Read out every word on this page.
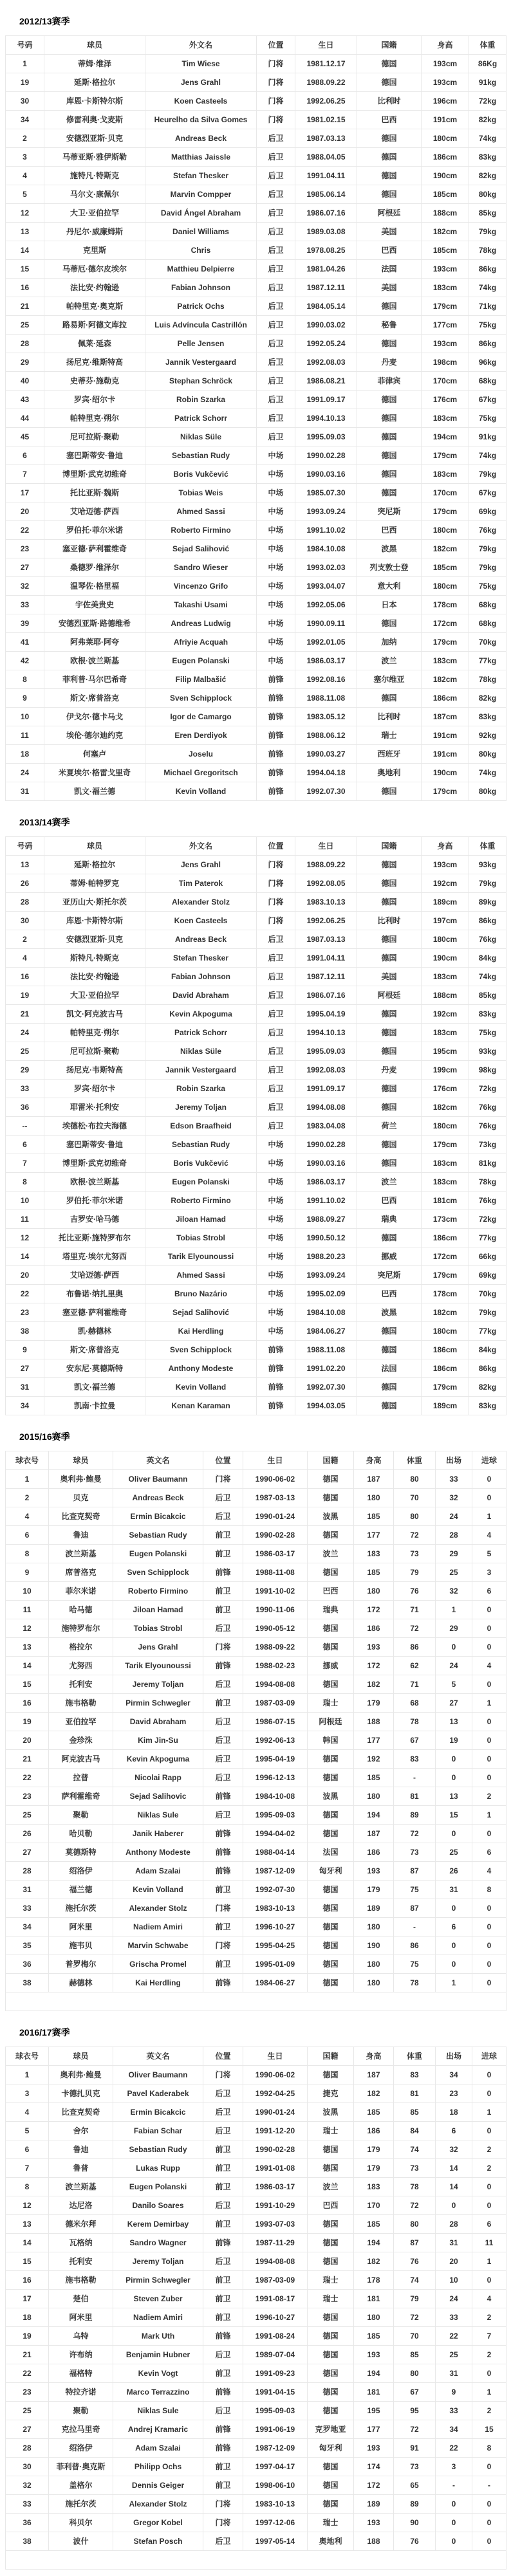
2012/13赛季
号码	球员	外文名	位置	生日	国籍	身高	体重
1	蒂姆·维泽	Tim Wiese	门将	1981.12.17	德国	193cm	86Kg
19	延斯·格拉尔	Jens Grahl	门将	1988.09.22	德国	193cm	91kg
30	库恩·卡斯特尔斯	Koen Casteels	门将	1992.06.25	比利时	196cm	72kg
34	修雷利奥·戈麦斯	Heurelho da Silva Gomes	门将	1981.02.15	巴西	191cm	82kg
2	安德烈亚斯·贝克	Andreas Beck	后卫	1987.03.13	德国	180cm	74kg
3	马蒂亚斯·雅伊斯勒	Matthias Jaissle	后卫	1988.04.05	德国	186cm	83kg
4	施特凡·特斯克	Stefan Thesker	后卫	1991.04.11	德国	190cm	82kg
5	马尔文·康佩尔	Marvin Compper	后卫	1985.06.14	德国	185cm	80kg
12	大卫·亚伯拉罕	David Ángel Abraham	后卫	1986.07.16	阿根廷	188cm	85kg
13	丹尼尔·威廉姆斯	Daniel Williams	后卫	1989.03.08	美国	182cm	79kg
14	克里斯	Chris	后卫	1978.08.25	巴西	185cm	78kg
15	马蒂厄·德尔皮埃尔	Matthieu Delpierre	后卫	1981.04.26	法国	193cm	86kg
16	法比安·约翰逊	Fabian Johnson	后卫	1987.12.11	美国	183cm	74kg
21	帕特里克·奥克斯	Patrick Ochs	后卫	1984.05.14	德国	179cm	71kg
25	路易斯·阿德文库拉	Luis Advíncula Castrillón	后卫	1990.03.02	秘鲁	177cm	75kg
28	佩莱·延森	Pelle Jensen	后卫	1992.05.24	德国	193cm	86kg
29	扬尼克·维斯特高	Jannik Vestergaard	后卫	1992.08.03	丹麦	198cm	96kg
40	史蒂芬·施勒克	Stephan Schröck	后卫	1986.08.21	菲律宾	170cm	68kg
43	罗宾·绍尔卡	Robin Szarka	后卫	1991.09.17	德国	176cm	67kg
44	帕特里克·朔尔	Patrick Schorr	后卫	1994.10.13	德国	183cm	75kg
45	尼可拉斯·聚勒	Niklas Süle	后卫	1995.09.03	德国	194cm	91kg
6	塞巴斯蒂安·鲁迪	Sebastian Rudy	中场	1990.02.28	德国	179cm	74kg
7	博里斯·武克切维奇	Boris Vukčević	中场	1990.03.16	德国	183cm	79kg
17	托比亚斯·魏斯	Tobias Weis	中场	1985.07.30	德国	170cm	67kg
20	艾哈迈德·萨西	Ahmed Sassi	中场	1993.09.24	突尼斯	179cm	69kg
22	罗伯托·菲尔米诺	Roberto Firmino	中场	1991.10.02	巴西	180cm	76kg
23	塞亚德·萨利霍维奇	Sejad Salihović	中场	1984.10.08	波黑	182cm	79kg
27	桑德罗·维泽尔	Sandro Wieser	中场	1993.02.03	列支敦士登	185cm	79kg
32	温琴佐·格里福	Vincenzo Grifo	中场	1993.04.07	意大利	180cm	75kg
33	宇佐美贵史	Takashi Usami	中场	1992.05.06	日本	178cm	68kg
39	安德烈亚斯·路德维希	Andreas Ludwig	中场	1990.09.11	德国	172cm	68kg
41	阿弗莱耶·阿夸	Afriyie Acquah	中场	1992.01.05	加纳	179cm	70kg
42	欧根·波兰斯基	Eugen Polanski	中场	1986.03.17	波兰	183cm	77kg
8	菲利普·马尔巴希奇	Filip Malbašić	前锋	1992.08.16	塞尔维亚	182cm	78kg
9	斯文·席普洛克	Sven Schipplock	前锋	1988.11.08	德国	186cm	82kg
10	伊戈尔·德卡马戈	Igor de Camargo	前锋	1983.05.12	比利时	187cm	83kg
11	埃伦·德尔迪约克	Eren Derdiyok	前锋	1988.06.12	瑞士	191cm	92kg
18	何塞卢	Joselu	前锋	1990.03.27	西班牙	191cm	80kg
24	米夏埃尔·格雷戈里奇	Michael Gregoritsch	前锋	1994.04.18	奥地利	190cm	74kg
31	凯文·福兰德	Kevin Volland	前锋	1992.07.30	德国	179cm	80kg
2013/14赛季
号码	球员	外文名	位置	生日	国籍	身高	体重
13	延斯·格拉尔	Jens Grahl	门将	1988.09.22	德国	193cm	93kg
26	蒂姆·帕特罗克	Tim Paterok	门将	1992.08.05	德国	192cm	79kg
28	亚历山大·斯托尔茨	Alexander Stolz	门将	1983.10.13	德国	189cm	89kg
30	库恩·卡斯特尔斯	Koen Casteels	门将	1992.06.25	比利时	197cm	86kg
2	安德烈亚斯·贝克	Andreas Beck	后卫	1987.03.13	德国	180cm	76kg
4	斯特凡·特斯克	Stefan Thesker	后卫	1991.04.11	德国	190cm	84kg
16	法比安·约翰逊	Fabian Johnson	后卫	1987.12.11	美国	183cm	74kg
19	大卫·亚伯拉罕	David Abraham	后卫	1986.07.16	阿根廷	188cm	85kg
21	凯文·阿克波古马	Kevin Akpoguma	后卫	1995.04.19	德国	192cm	83kg
24	帕特里克·朔尔	Patrick Schorr	后卫	1994.10.13	德国	183cm	75kg
25	尼可拉斯·聚勒	Niklas Süle	后卫	1995.09.03	德国	195cm	93kg
29	扬尼克·韦斯特高	Jannik Vestergaard	后卫	1992.08.03	丹麦	199cm	98kg
33	罗宾·绍尔卡	Robin Szarka	后卫	1991.09.17	德国	176cm	72kg
36	耶雷米·托利安	Jeremy Toljan	后卫	1994.08.08	德国	182cm	76kg
--	埃德松·布拉夫海德	Edson Braafheid	后卫	1983.04.08	荷兰	180cm	76kg
6	塞巴斯蒂安·鲁迪	Sebastian Rudy	中场	1990.02.28	德国	179cm	73kg
7	博里斯·武克切维奇	Boris Vukčević	中场	1990.03.16	德国	183cm	81kg
8	欧根·波兰斯基	Eugen Polanski	中场	1986.03.17	波兰	183cm	78kg
10	罗伯托·菲尔米诺	Roberto Firmino	中场	1991.10.02	巴西	181cm	76kg
11	吉罗安·哈马德	Jiloan Hamad	中场	1988.09.27	瑞典	173cm	72kg
12	托比亚斯·施特罗布尔	Tobias Strobl	中场	1990.50.12	德国	186cm	77kg
14	塔里克·埃尔尤努西	Tarik Elyounoussi	中场	1988.20.23	挪威	172cm	66kg
20	艾哈迈德·萨西	Ahmed Sassi	中场	1993.09.24	突尼斯	179cm	69kg
22	布鲁诺·纳扎里奥	Bruno Nazário	中场	1995.02.09	巴西	178cm	70kg
23	塞亚德·萨利霍维奇	Sejad Salihović	中场	1984.10.08	波黑	182cm	79kg
38	凯·赫德林	Kai Herdling	中场	1984.06.27	德国	180cm	77kg
9	斯文·席普洛克	Sven Schipplock	前锋	1988.11.08	德国	186cm	84kg
27	安东尼·莫德斯特	Anthony Modeste	前锋	1991.02.20	法国	186cm	86kg
31	凯文·福兰德	Kevin Volland	前锋	1992.07.30	德国	179cm	82kg
34	凯南·卡拉曼	Kenan Karaman	前锋	1994.03.05	德国	189cm	83kg
2015/16赛季
球衣号	球员	英文名	位置	生日	国籍	身高	体重	出场	进球
1	奥利弗·鲍曼	Oliver Baumann	门将	1990-06-02	德国	187	80	33	0
2	贝克	Andreas Beck	后卫	1987-03-13	德国	180	70	32	0
4	比查克契奇	Ermin Bicakcic	后卫	1990-01-24	波黑	185	80	24	1
6	鲁迪	Sebastian Rudy	前卫	1990-02-28	德国	177	72	28	4
8	波兰斯基	Eugen Polanski	前卫	1986-03-17	波兰	183	73	29	5
9	席普洛克	Sven Schipplock	前锋	1988-11-08	德国	185	79	25	3
10	菲尔米诺	Roberto Firmino	前卫	1991-10-02	巴西	180	76	32	6
11	哈马德	Jiloan Hamad	前卫	1990-11-06	瑞典	172	71	1	0
12	施特罗布尔	Tobias Strobl	后卫	1990-05-12	德国	186	72	29	0
13	格拉尔	Jens Grahl	门将	1988-09-22	德国	193	86	0	0
14	尤努西	Tarik Elyounoussi	前锋	1988-02-23	挪威	172	62	24	4
15	托利安	Jeremy Toljan	后卫	1994-08-08	德国	182	71	5	0
16	施韦格勒	Pirmin Schwegler	前卫	1987-03-09	瑞士	179	68	27	1
19	亚伯拉罕	David Abraham	后卫	1986-07-15	阿根廷	188	78	13	0
20	金珍洙	Kim Jin-Su	后卫	1992-06-13	韩国	177	67	19	0
21	阿克波古马	Kevin Akpoguma	后卫	1995-04-19	德国	192	83	0	0
22	拉普	Nicolai Rapp	后卫	1996-12-13	德国	185	-	0	0
23	萨利霍维奇	Sejad Salihovic	前锋	1984-10-08	波黑	180	81	13	2
25	聚勒	Niklas Sule	后卫	1995-09-03	德国	194	89	15	1
26	哈贝勒	Janik Haberer	前锋	1994-04-02	德国	187	72	0	0
27	莫德斯特	Anthony Modeste	前锋	1988-04-14	法国	186	73	25	6
28	绍洛伊	Adam Szalai	前锋	1987-12-09	匈牙利	193	87	26	4
31	福兰德	Kevin Volland	前卫	1992-07-30	德国	179	75	31	8
33	施托尔茨	Alexander Stolz	门将	1983-10-13	德国	189	87	0	0
34	阿米里	Nadiem Amiri	前卫	1996-10-27	德国	180	-	6	0
35	施韦贝	Marvin Schwabe	门将	1995-04-25	德国	190	86	0	0
36	普罗梅尔	Grischa Promel	前卫	1995-01-09	德国	180	75	0	0
38	赫德林	Kai Herdling	前锋	1984-06-27	德国	180	78	1	0

2016/17赛季
球衣号	球员	英文名	位置	生日	国籍	身高	体重	出场	进球
1	奥利弗·鲍曼	Oliver Baumann	门将	1990-06-02	德国	187	83	34	0
3	卡德扎贝克	Pavel Kaderabek	后卫	1992-04-25	捷克	182	81	23	0
4	比查克契奇	Ermin Bicakcic	后卫	1990-01-24	波黑	185	85	18	1
5	舍尔	Fabian Schar	后卫	1991-12-20	瑞士	186	84	6	0
6	鲁迪	Sebastian Rudy	前卫	1990-02-28	德国	179	74	32	2
7	鲁普	Lukas Rupp	前卫	1991-01-08	德国	179	73	14	2
8	波兰斯基	Eugen Polanski	前卫	1986-03-17	波兰	183	78	14	0
12	达尼洛	Danilo Soares	后卫	1991-10-29	巴西	170	72	0	0
13	德米尔拜	Kerem Demirbay	前卫	1993-07-03	德国	185	80	28	6
14	瓦格纳	Sandro Wagner	前锋	1987-11-29	德国	194	87	31	11
15	托利安	Jeremy Toljan	后卫	1994-08-08	德国	182	76	20	1
16	施韦格勒	Pirmin Schwegler	前卫	1987-03-09	瑞士	178	74	10	0
17	楚伯	Steven Zuber	前卫	1991-08-17	瑞士	181	79	24	4
18	阿米里	Nadiem Amiri	前卫	1996-10-27	德国	180	72	33	2
19	乌特	Mark Uth	前锋	1991-08-24	德国	185	70	22	7
21	许布纳	Benjamin Hubner	后卫	1989-07-04	德国	193	85	25	2
22	福格特	Kevin Vogt	前卫	1991-09-23	德国	194	80	31	0
23	特拉齐诺	Marco Terrazzino	前锋	1991-04-15	德国	181	67	9	1
25	聚勒	Niklas Sule	后卫	1995-09-03	德国	195	95	33	2
27	克拉马里奇	Andrej Kramaric	前锋	1991-06-19	克罗地亚	177	72	34	15
28	绍洛伊	Adam Szalai	前锋	1987-12-09	匈牙利	193	91	22	8
30	菲利普·奥克斯	Philipp Ochs	前卫	1997-04-17	德国	174	73	3	0
32	盖格尔	Dennis Geiger	前卫	1998-06-10	德国	172	65	-	-
33	施托尔茨	Alexander Stolz	门将	1983-10-13	德国	189	89	0	0
36	科贝尔	Gregor Kobel	门将	1997-12-06	瑞士	193	90	0	0
38	波什	Stefan Posch	后卫	1997-05-14	奥地利	188	76	0	0
